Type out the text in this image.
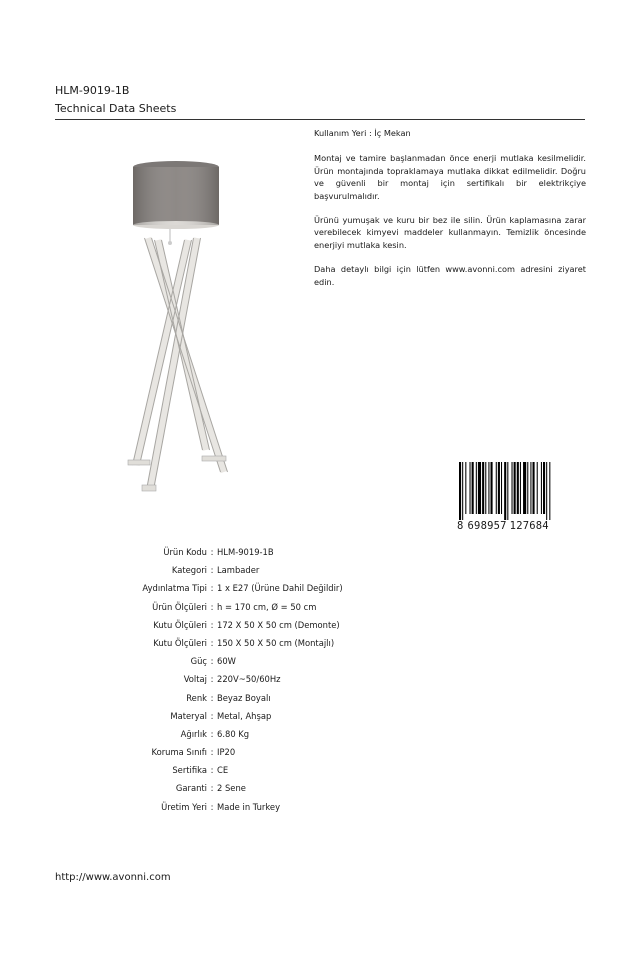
HLM-9019-1B
Technical Data Sheets

Kullanım Yeri : İç Mekan

Montaj ve tamire başlanmadan önce enerji mutlaka kesilmelidir. Ürün montajında topraklamaya mutlaka dikkat edilmelidir. Doğru ve güvenli bir montaj için sertifikalı bir elektrikçiye başvurulmalıdır.

Ürünü yumuşak ve kuru bir bez ile silin. Ürün kaplamasına zarar verebilecek kimyevi maddeler kullanmayın. Temizlik öncesinde enerjiyi mutlaka kesin.

Daha detaylı bilgi için lütfen www.avonni.com adresini ziyaret edin.

8 698957 127684
Ürün Kodu : HLM-9019-1B
Kategori : Lambader
Aydınlatma Tipi : 1 x E27 (Ürüne Dahil Değildir)
Ürün Ölçüleri : h = 170 cm, Ø = 50 cm
Kutu Ölçüleri : 172 X 50 X 50 cm (Demonte)
Kutu Ölçüleri : 150 X 50 X 50 cm (Montajlı)
Güç : 60W
Voltaj : 220V~50/60Hz
Renk : Beyaz Boyalı
Materyal : Metal, Ahşap
Ağırlık : 6.80 Kg
Koruma Sınıfı : IP20
Sertifika : CE
Garanti : 2 Sene
Üretim Yeri : Made in Turkey
http://www.avonni.com
